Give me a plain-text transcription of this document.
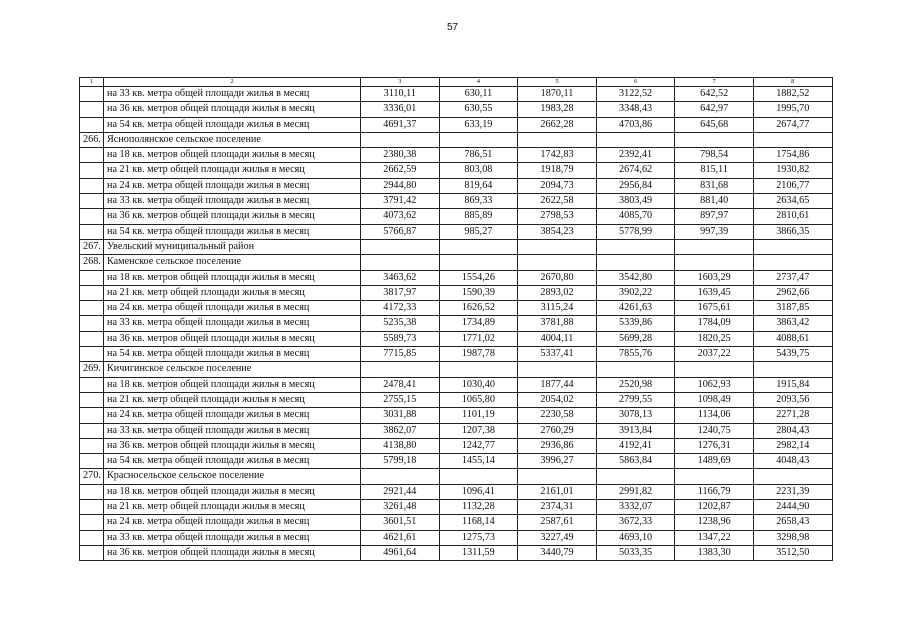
57
1	2	3	4	5	6	7	8
	на 33 кв. метра общей площади жилья в месяц	3110,11	630,11	1870,11	3122,52	642,52	1882,52
	на 36 кв. метров общей площади жилья в месяц	3336,01	630,55	1983,28	3348,43	642,97	1995,70
	на 54 кв. метра общей площади жилья в месяц	4691,37	633,19	2662,28	4703,86	645,68	2674,77
266.	Яснополянское сельское поселение						
	на 18 кв. метров общей площади жилья в месяц	2380,38	786,51	1742,83	2392,41	798,54	1754,86
	на 21 кв. метр общей площади жилья в месяц	2662,59	803,08	1918,79	2674,62	815,11	1930,82
	на 24 кв. метра общей площади жилья в месяц	2944,80	819,64	2094,73	2956,84	831,68	2106,77
	на 33 кв. метра общей площади жилья в месяц	3791,42	869,33	2622,58	3803,49	881,40	2634,65
	на 36 кв. метров общей площади жилья в месяц	4073,62	885,89	2798,53	4085,70	897,97	2810,61
	на 54 кв. метра общей площади жилья в месяц	5766,87	985,27	3854,23	5778,99	997,39	3866,35
267.	Увельский муниципальный район						
268.	Каменское сельское поселение						
	на 18 кв. метров общей площади жилья в месяц	3463,62	1554,26	2670,80	3542,80	1603,29	2737,47
	на 21 кв. метр общей площади жилья в месяц	3817,97	1590,39	2893,02	3902,22	1639,45	2962,66
	на 24 кв. метра общей площади жилья в месяц	4172,33	1626,52	3115,24	4261,63	1675,61	3187,85
	на 33 кв. метра общей площади жилья в месяц	5235,38	1734,89	3781,88	5339,86	1784,09	3863,42
	на 36 кв. метров общей площади жилья в месяц	5589,73	1771,02	4004,11	5699,28	1820,25	4088,61
	на 54 кв. метра общей площади жилья в месяц	7715,85	1987,78	5337,41	7855,76	2037,22	5439,75
269.	Кичигинское сельское поселение						
	на 18 кв. метров общей площади жилья в месяц	2478,41	1030,40	1877,44	2520,98	1062,93	1915,84
	на 21 кв. метр общей площади жилья в месяц	2755,15	1065,80	2054,02	2799,55	1098,49	2093,56
	на 24 кв. метра общей площади жилья в месяц	3031,88	1101,19	2230,58	3078,13	1134,06	2271,28
	на 33 кв. метра общей площади жилья в месяц	3862,07	1207,38	2760,29	3913,84	1240,75	2804,43
	на 36 кв. метров общей площади жилья в месяц	4138,80	1242,77	2936,86	4192,41	1276,31	2982,14
	на 54 кв. метра общей площади жилья в месяц	5799,18	1455,14	3996,27	5863,84	1489,69	4048,43
270.	Красносельское сельское поселение						
	на 18 кв. метров общей площади жилья в месяц	2921,44	1096,41	2161,01	2991,82	1166,79	2231,39
	на 21 кв. метр общей площади жилья в месяц	3261,48	1132,28	2374,31	3332,07	1202,87	2444,90
	на 24 кв. метра общей площади жилья в месяц	3601,51	1168,14	2587,61	3672,33	1238,96	2658,43
	на 33 кв. метра общей площади жилья в месяц	4621,61	1275,73	3227,49	4693,10	1347,22	3298,98
	на 36 кв. метров общей площади жилья в месяц	4961,64	1311,59	3440,79	5033,35	1383,30	3512,50
